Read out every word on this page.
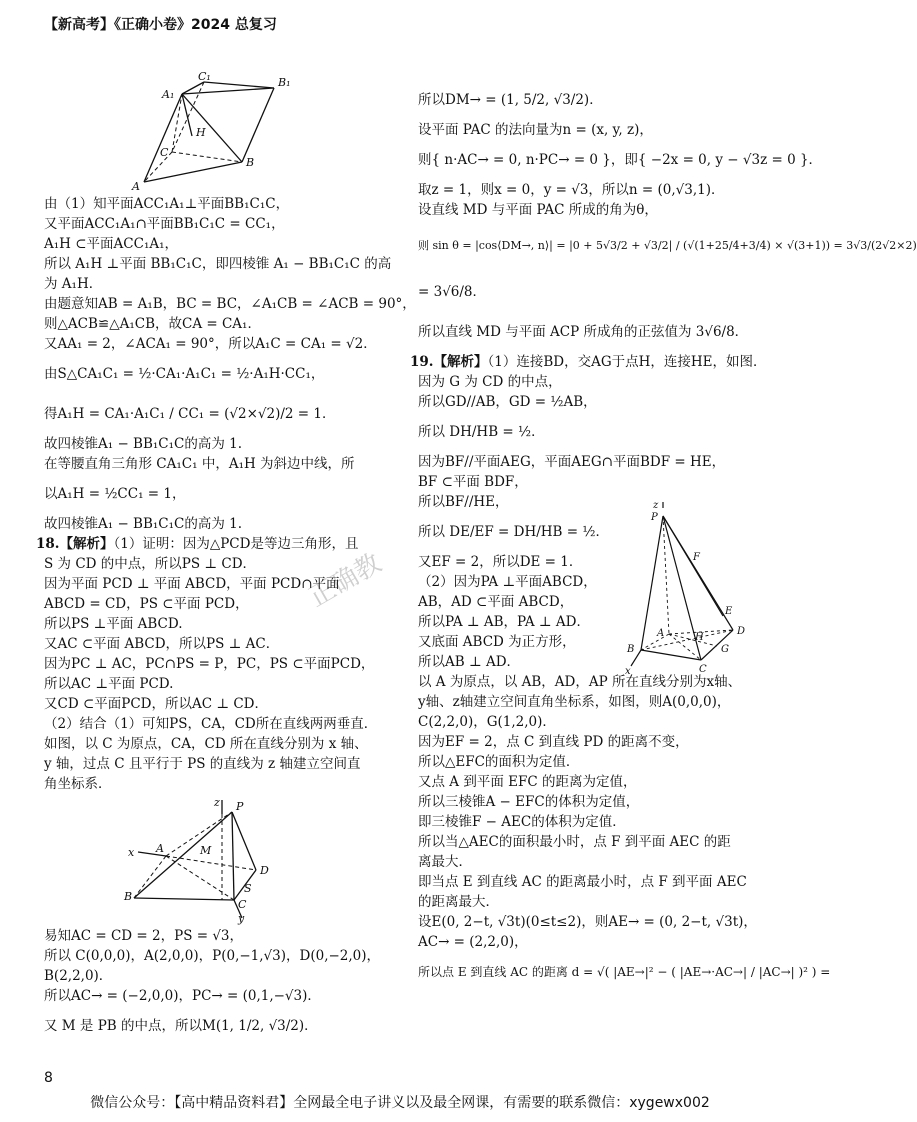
【新高考】《正确小卷》2024 总复习
正确教
C₁	B₁
A₁
H
C
B
A
由（1）知平面ACC₁A₁⊥平面BB₁C₁C，
又平面ACC₁A₁∩平面BB₁C₁C = CC₁，
A₁H ⊂平面ACC₁A₁，
所以 A₁H ⊥平面 BB₁C₁C，即四棱锥 A₁ − BB₁C₁C 的高
为 A₁H．
由题意知AB = A₁B，BC = BC，∠A₁CB = ∠ACB = 90°，
则△ACB≌△A₁CB，故CA = CA₁．
又AA₁ = 2，∠ACA₁ = 90°，所以A₁C = CA₁ = √2．
由S△CA₁C₁ = ½·CA₁·A₁C₁ = ½·A₁H·CC₁，
得A₁H = CA₁·A₁C₁ / CC₁ = (√2×√2)/2 = 1．
故四棱锥A₁ − BB₁C₁C的高为 1.
在等腰直角三角形 CA₁C₁ 中，A₁H 为斜边中线，所
以A₁H = ½CC₁ = 1，
故四棱锥A₁ − BB₁C₁C的高为 1.
18.【解析】（1）证明：因为△PCD是等边三角形，且
S 为 CD 的中点，所以PS ⊥ CD．
因为平面 PCD ⊥ 平面 ABCD，平面 PCD∩平面
ABCD = CD，PS ⊂平面 PCD，
所以PS ⊥平面 ABCD.
又AC ⊂平面 ABCD，所以PS ⊥ AC．
因为PC ⊥ AC，PC∩PS = P，PC，PS ⊂平面PCD，
所以AC ⊥平面 PCD.
又CD ⊂平面PCD，所以AC ⊥ CD．
（2）结合（1）可知PS，CA，CD所在直线两两垂直．
如图，以 C 为原点，CA，CD 所在直线分别为 x 轴、
y 轴，过点 C 且平行于 PS 的直线为 z 轴建立空间直
角坐标系．
z P
x A	M
D
B
S
C
y
易知AC = CD = 2，PS = √3，
所以 C(0,0,0)，A(2,0,0)，P(0,−1,√3)，D(0,−2,0)，
B(2,2,0)．
所以AC→ = (−2,0,0)，PC→ = (0,1,−√3)．
又 M 是 PB 的中点，所以M(1, 1/2, √3/2)．
所以DM→ = (1, 5/2, √3/2)．
设平面 PAC 的法向量为n = (x, y, z)，
则{ n·AC→ = 0, n·PC→ = 0 }，即{ −2x = 0, y − √3z = 0 }．
取z = 1，则x = 0，y = √3，所以n = (0,√3,1)．
设直线 MD 与平面 PAC 所成的角为θ，
则 sin θ = |cos⟨DM→, n⟩| = |0 + 5√3/2 + √3/2| / (√(1+25/4+3/4) × √(3+1)) = 3√3/(2√2×2)
= 3√6/8．
所以直线 MD 与平面 ACP 所成角的正弦值为 3√6/8．
19.【解析】（1）连接BD，交AG于点H，连接HE，如图．
z
P
F
E
A	H
D
B
C
G
x
因为 G 为 CD 的中点，
所以GD//AB，GD = ½AB，
所以 DH/HB = ½．
因为BF//平面AEG，平面AEG∩平面BDF = HE，
BF ⊂平面 BDF，
所以BF//HE，
所以 DE/EF = DH/HB = ½．
又EF = 2，所以DE = 1．
（2）因为PA ⊥平面ABCD，
AB，AD ⊂平面 ABCD，
所以PA ⊥ AB，PA ⊥ AD．
又底面 ABCD 为正方形，
所以AB ⊥ AD．
以 A 为原点，以 AB，AD，AP 所在直线分别为x轴、
y轴、z轴建立空间直角坐标系，如图，则A(0,0,0)，
C(2,2,0)，G(1,2,0)．
因为EF = 2，点 C 到直线 PD 的距离不变，
所以△EFC的面积为定值．
又点 A 到平面 EFC 的距离为定值，
所以三棱锥A − EFC的体积为定值，
即三棱锥F − AEC的体积为定值．
所以当△AEC的面积最小时，点 F 到平面 AEC 的距
离最大．
即当点 E 到直线 AC 的距离最小时，点 F 到平面 AEC
的距离最大．
设E(0, 2−t, √3t)(0≤t≤2)，则AE→ = (0, 2−t, √3t)，
AC→ = (2,2,0)，
所以点 E 到直线 AC 的距离 d = √( |AE→|² − ( |AE→·AC→| / |AC→| )² ) =
8
微信公众号：【高中精品资料君】全网最全电子讲义以及最全网课，有需要的联系微信：xygewx002
